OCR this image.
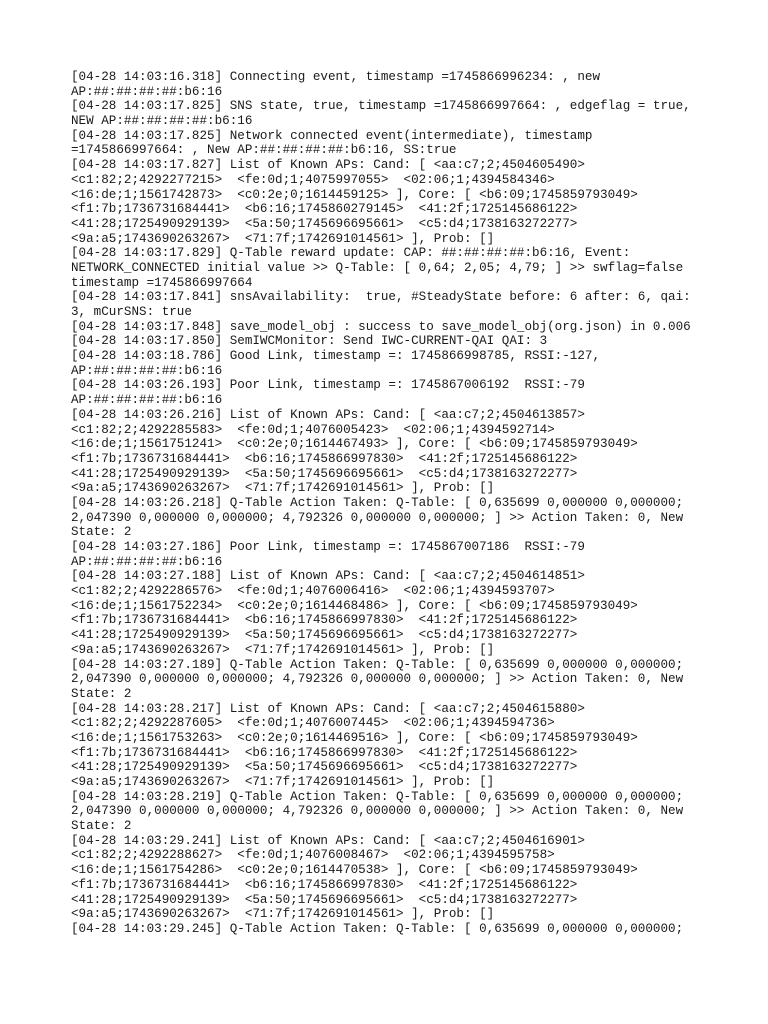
[04-28 14:03:16.318] Connecting event, timestamp =1745866996234: , new
AP:##:##:##:##:b6:16
[04-28 14:03:17.825] SNS state, true, timestamp =1745866997664: , edgeflag = true,
NEW AP:##:##:##:##:b6:16
[04-28 14:03:17.825] Network connected event(intermediate), timestamp
=1745866997664: , New AP:##:##:##:##:b6:16, SS:true
[04-28 14:03:17.827] List of Known APs: Cand: [ <aa:c7;2;4504605490>
<c1:82;2;4292277215>  <fe:0d;1;4075997055>  <02:06;1;4394584346>
<16:de;1;1561742873>  <c0:2e;0;1614459125> ], Core: [ <b6:09;1745859793049>
<f1:7b;1736731684441>  <b6:16;1745860279145>  <41:2f;1725145686122>
<41:28;1725490929139>  <5a:50;1745696695661>  <c5:d4;1738163272277>
<9a:a5;1743690263267>  <71:7f;1742691014561> ], Prob: []
[04-28 14:03:17.829] Q-Table reward update: CAP: ##:##:##:##:b6:16, Event:
NETWORK_CONNECTED initial value >> Q-Table: [ 0,64; 2,05; 4,79; ] >> swflag=false
timestamp =1745866997664
[04-28 14:03:17.841] snsAvailability:  true, #SteadyState before: 6 after: 6, qai:
3, mCurSNS: true
[04-28 14:03:17.848] save_model_obj : success to save_model_obj(org.json) in 0.006
[04-28 14:03:17.850] SemIWCMonitor: Send IWC-CURRENT-QAI QAI: 3
[04-28 14:03:18.786] Good Link, timestamp =: 1745866998785, RSSI:-127,
AP:##:##:##:##:b6:16
[04-28 14:03:26.193] Poor Link, timestamp =: 1745867006192  RSSI:-79
AP:##:##:##:##:b6:16
[04-28 14:03:26.216] List of Known APs: Cand: [ <aa:c7;2;4504613857>
<c1:82;2;4292285583>  <fe:0d;1;4076005423>  <02:06;1;4394592714>
<16:de;1;1561751241>  <c0:2e;0;1614467493> ], Core: [ <b6:09;1745859793049>
<f1:7b;1736731684441>  <b6:16;1745866997830>  <41:2f;1725145686122>
<41:28;1725490929139>  <5a:50;1745696695661>  <c5:d4;1738163272277>
<9a:a5;1743690263267>  <71:7f;1742691014561> ], Prob: []
[04-28 14:03:26.218] Q-Table Action Taken: Q-Table: [ 0,635699 0,000000 0,000000;
2,047390 0,000000 0,000000; 4,792326 0,000000 0,000000; ] >> Action Taken: 0, New
State: 2
[04-28 14:03:27.186] Poor Link, timestamp =: 1745867007186  RSSI:-79
AP:##:##:##:##:b6:16
[04-28 14:03:27.188] List of Known APs: Cand: [ <aa:c7;2;4504614851>
<c1:82;2;4292286576>  <fe:0d;1;4076006416>  <02:06;1;4394593707>
<16:de;1;1561752234>  <c0:2e;0;1614468486> ], Core: [ <b6:09;1745859793049>
<f1:7b;1736731684441>  <b6:16;1745866997830>  <41:2f;1725145686122>
<41:28;1725490929139>  <5a:50;1745696695661>  <c5:d4;1738163272277>
<9a:a5;1743690263267>  <71:7f;1742691014561> ], Prob: []
[04-28 14:03:27.189] Q-Table Action Taken: Q-Table: [ 0,635699 0,000000 0,000000;
2,047390 0,000000 0,000000; 4,792326 0,000000 0,000000; ] >> Action Taken: 0, New
State: 2
[04-28 14:03:28.217] List of Known APs: Cand: [ <aa:c7;2;4504615880>
<c1:82;2;4292287605>  <fe:0d;1;4076007445>  <02:06;1;4394594736>
<16:de;1;1561753263>  <c0:2e;0;1614469516> ], Core: [ <b6:09;1745859793049>
<f1:7b;1736731684441>  <b6:16;1745866997830>  <41:2f;1725145686122>
<41:28;1725490929139>  <5a:50;1745696695661>  <c5:d4;1738163272277>
<9a:a5;1743690263267>  <71:7f;1742691014561> ], Prob: []
[04-28 14:03:28.219] Q-Table Action Taken: Q-Table: [ 0,635699 0,000000 0,000000;
2,047390 0,000000 0,000000; 4,792326 0,000000 0,000000; ] >> Action Taken: 0, New
State: 2
[04-28 14:03:29.241] List of Known APs: Cand: [ <aa:c7;2;4504616901>
<c1:82;2;4292288627>  <fe:0d;1;4076008467>  <02:06;1;4394595758>
<16:de;1;1561754286>  <c0:2e;0;1614470538> ], Core: [ <b6:09;1745859793049>
<f1:7b;1736731684441>  <b6:16;1745866997830>  <41:2f;1725145686122>
<41:28;1725490929139>  <5a:50;1745696695661>  <c5:d4;1738163272277>
<9a:a5;1743690263267>  <71:7f;1742691014561> ], Prob: []
[04-28 14:03:29.245] Q-Table Action Taken: Q-Table: [ 0,635699 0,000000 0,000000;
